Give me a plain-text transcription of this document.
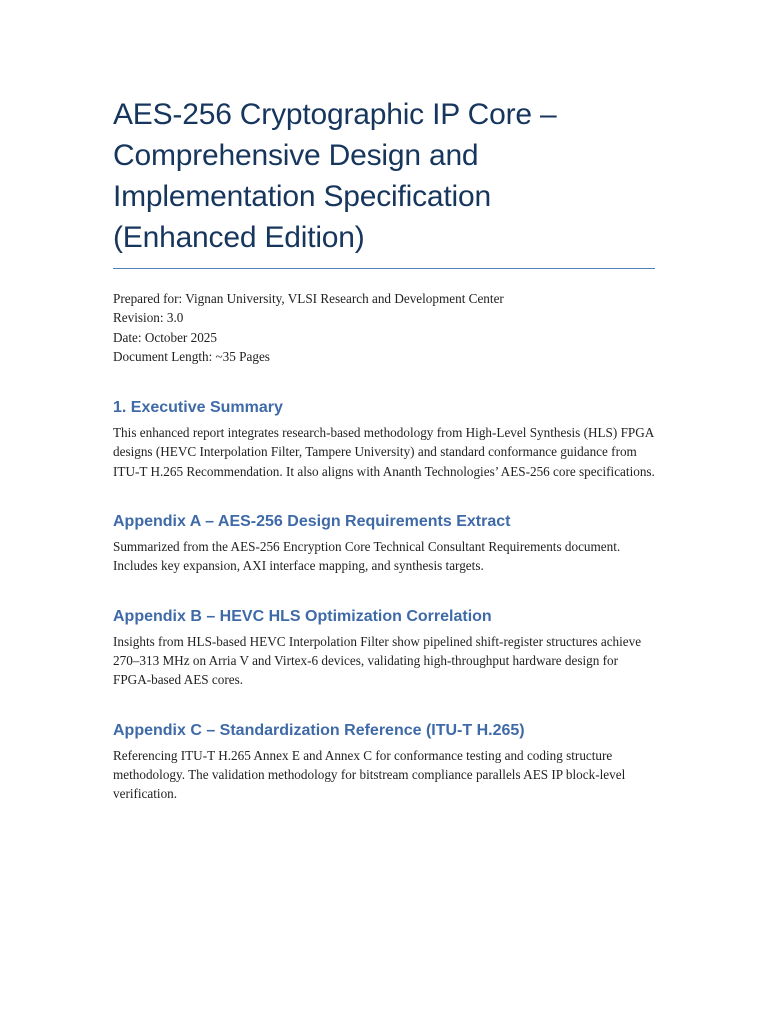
AES-256 Cryptographic IP Core –
Comprehensive Design and
Implementation Specification
(Enhanced Edition)
Prepared for: Vignan University, VLSI Research and Development Center
Revision: 3.0
Date: October 2025
Document Length: ~35 Pages
1. Executive Summary

This enhanced report integrates research-based methodology from High-Level Synthesis (HLS) FPGA designs (HEVC Interpolation Filter, Tampere University) and standard conformance guidance from ITU-T H.265 Recommendation. It also aligns with Ananth Technologies’ AES-256 core specifications.

Appendix A – AES-256 Design Requirements Extract

Summarized from the AES-256 Encryption Core Technical Consultant Requirements document. Includes key expansion, AXI interface mapping, and synthesis targets.

Appendix B – HEVC HLS Optimization Correlation

Insights from HLS-based HEVC Interpolation Filter show pipelined shift-register structures achieve 270–313 MHz on Arria V and Virtex-6 devices, validating high-throughput hardware design for FPGA-based AES cores.

Appendix C – Standardization Reference (ITU-T H.265)

Referencing ITU-T H.265 Annex E and Annex C for conformance testing and coding structure methodology. The validation methodology for bitstream compliance parallels AES IP block-level verification.
